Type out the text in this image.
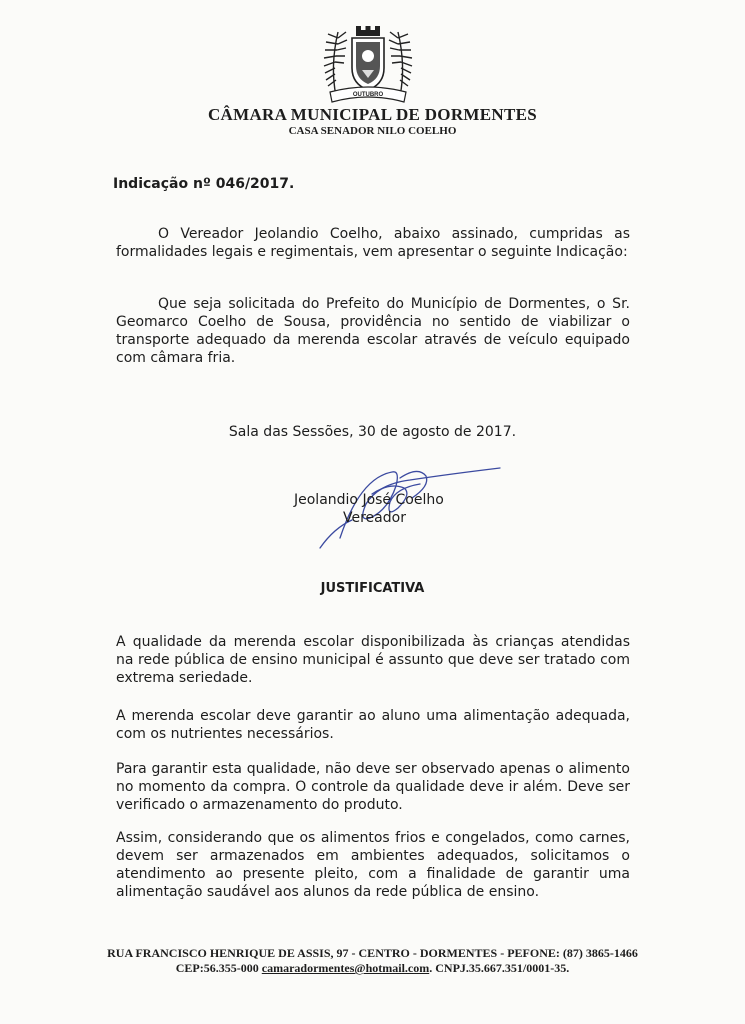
OUTUBRO
CÂMARA MUNICIPAL DE DORMENTES
CASA SENADOR NILO COELHO
Indicação nº 046/2017.
O Vereador Jeolandio Coelho, abaixo assinado, cumpridas as formalidades legais e regimentais, vem apresentar o seguinte Indicação:
Que seja solicitada do Prefeito do Município de Dormentes, o Sr. Geomarco Coelho de Sousa, providência no sentido de viabilizar o transporte adequado da merenda escolar através de veículo equipado com câmara fria.
Sala das Sessões, 30 de agosto de 2017.
Jeolandio José Coelho
Vereador
JUSTIFICATIVA
A qualidade da merenda escolar disponibilizada às crianças atendidas na rede pública de ensino municipal é assunto que deve ser tratado com extrema seriedade.
A merenda escolar deve garantir ao aluno uma alimentação adequada, com os nutrientes necessários.
Para garantir esta qualidade, não deve ser observado apenas o alimento no momento da compra. O controle da qualidade deve ir além. Deve ser verificado o armazenamento do produto.
Assim, considerando que os alimentos frios e congelados, como carnes, devem ser armazenados em ambientes adequados, solicitamos o atendimento ao presente pleito, com a finalidade de garantir uma alimentação saudável aos alunos da rede pública de ensino.
RUA FRANCISCO HENRIQUE DE ASSIS, 97 - CENTRO - DORMENTES - PEFONE: (87) 3865-1466
CEP:56.355-000 camaradormentes@hotmail.com. CNPJ.35.667.351/0001-35.
